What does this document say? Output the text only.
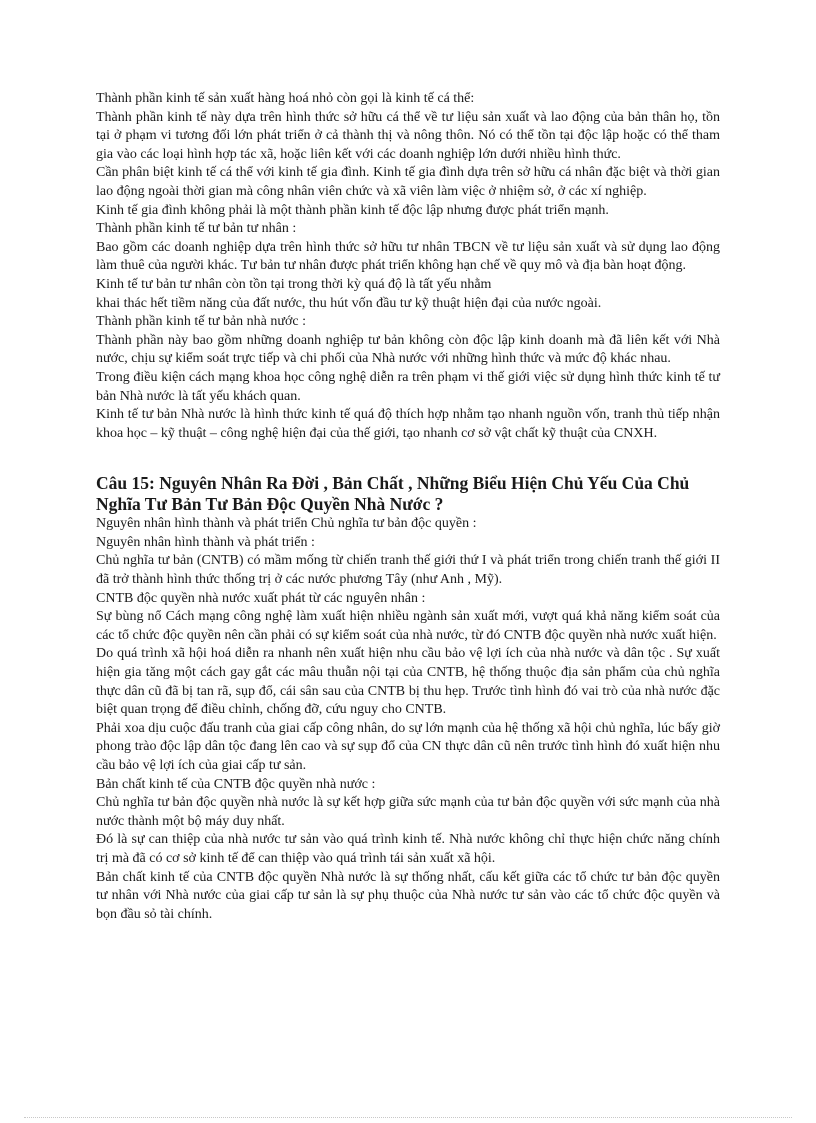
Thành phần kinh tế sản xuất hàng hoá nhỏ còn gọi là kinh tế cá thể:

Thành phần kinh tế này dựa trên hình thức sở hữu cá thể về tư liệu sản xuất và lao động của bản thân họ, tồn tại ở phạm vi tương đối lớn phát triển ở cả thành thị và nông thôn. Nó có thể tồn tại độc lập hoặc có thể tham gia vào các loại hình hợp tác xã, hoặc liên kết với các doanh nghiệp lớn dưới nhiều hình thức.

Cần phân biệt kinh tế cá thể với kinh tế gia đình. Kinh tế gia đình dựa trên sở hữu cá nhân đặc biệt và thời gian lao động ngoài thời gian mà công nhân viên chức và xã viên làm việc ở nhiệm sở, ở các xí nghiệp.

Kinh tế gia đình không phải là một thành phần kinh tế độc lập nhưng được phát triển mạnh.

Thành phần kinh tế tư bản tư nhân :

Bao gồm các doanh nghiệp dựa trên hình thức sở hữu tư nhân TBCN về tư liệu sản xuất và sử dụng lao động làm thuê của người khác. Tư bản tư nhân được phát triển không hạn chế về quy mô và địa bàn hoạt động.

Kinh tế tư bản tư nhân còn tồn tại trong thời kỳ quá độ là tất yếu nhằm

khai thác hết tiềm năng của đất nước, thu hút vốn đầu tư kỹ thuật hiện đại của nước ngoài.

Thành phần kinh tế tư bản nhà nước :

Thành phần này bao gồm những doanh nghiệp tư bản không còn độc lập kinh doanh mà đã liên kết với Nhà nước, chịu sự kiểm soát trực tiếp và chi phối của Nhà nước với những hình thức và mức độ khác nhau.

Trong điều kiện cách mạng khoa học công nghệ diễn ra trên phạm vi thế giới việc sử dụng hình thức kinh tế tư bản Nhà nước là tất yếu khách quan.

Kinh tế tư bản Nhà nước là hình thức kinh tế quá độ thích hợp nhằm tạo nhanh nguồn vốn, tranh thủ tiếp nhận khoa học – kỹ thuật – công nghệ hiện đại của thế giới, tạo nhanh cơ sở vật chất kỹ thuật của CNXH.

Câu 15: Nguyên Nhân Ra Đời , Bản Chất , Những Biểu Hiện Chủ Yếu Của Chủ Nghĩa Tư Bản Tư Bản Độc Quyền Nhà Nước ?

Nguyên nhân hình thành và phát triển Chủ nghĩa tư bản độc quyền :

Nguyên nhân hình thành và phát triển :

Chủ nghĩa tư bản (CNTB) có mầm mống từ chiến tranh thế giới thứ I và phát triển trong chiến tranh thế giới II đã trở thành hình thức thống trị ở các nước phương Tây (như Anh , Mỹ).

CNTB độc quyền nhà nước xuất phát từ các nguyên nhân :

Sự bùng nổ Cách mạng công nghệ làm xuất hiện nhiều ngành sản xuất mới, vượt quá khả năng kiểm soát của các tổ chức độc quyền nên cần phải có sự kiểm soát của nhà nước, từ đó CNTB độc quyền nhà nước xuất hiện.

Do quá trình xã hội hoá diễn ra nhanh nên xuất hiện nhu cầu bảo vệ lợi ích của nhà nước và dân tộc . Sự xuất hiện gia tăng một cách gay gắt các mâu thuẫn nội tại của CNTB, hệ thống thuộc địa sản phẩm của chủ nghĩa thực dân cũ đã bị tan rã, sụp đổ, cái sân sau của CNTB bị thu hẹp. Trước tình hình đó vai trò của nhà nước đặc biệt quan trọng để điều chỉnh, chống đỡ, cứu nguy cho CNTB.

Phải xoa dịu cuộc đấu tranh của giai cấp công nhân, do sự lớn mạnh của hệ thống xã hội chủ nghĩa, lúc bấy giờ phong trào độc lập dân tộc đang lên cao và sự sụp đổ của CN thực dân cũ nên trước tình hình đó xuất hiện nhu cầu bảo vệ lợi ích của giai cấp tư sản.

Bản chất kinh tế của CNTB độc quyền nhà nước :

Chủ nghĩa tư bản độc quyền nhà nước là sự kết hợp giữa sức mạnh của tư bản độc quyền với sức mạnh của nhà nước thành một bộ máy duy nhất.

Đó là sự can thiệp của nhà nước tư sản vào quá trình kinh tế. Nhà nước không chỉ thực hiện chức năng chính trị mà đã có cơ sở kinh tế để can thiệp vào quá trình tái sản xuất xã hội.

Bản chất kinh tế của CNTB độc quyền Nhà nước là sự thống nhất, cấu kết giữa các tổ chức tư bản độc quyền tư nhân với Nhà nước của giai cấp tư sản là sự phụ thuộc của Nhà nước tư sản vào các tổ chức độc quyền và bọn đầu sỏ tài chính.
